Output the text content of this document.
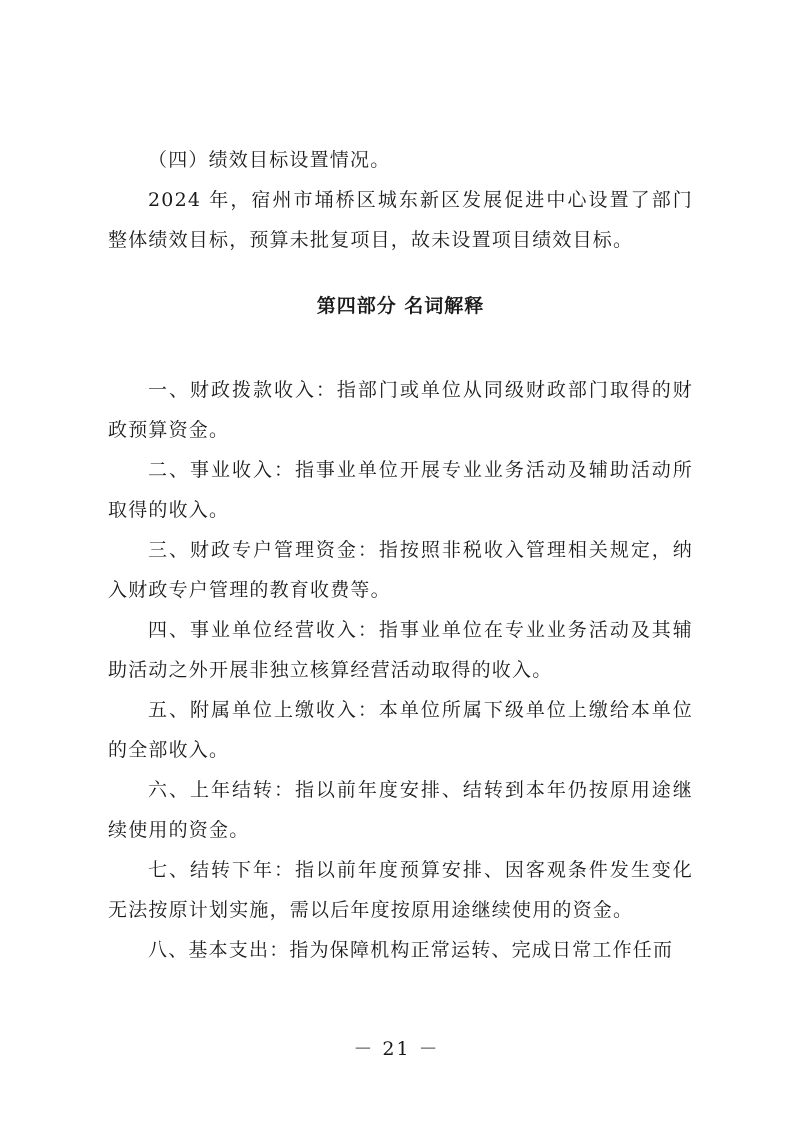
（四）绩效目标设置情况。

2024 年，宿州市埇桥区城东新区发展促进中心设置了部门整体绩效目标，预算未批复项目，故未设置项目绩效目标。

第四部分 名词解释

一、财政拨款收入：指部门或单位从同级财政部门取得的财政预算资金。

二、事业收入：指事业单位开展专业业务活动及辅助活动所取得的收入。

三、财政专户管理资金：指按照非税收入管理相关规定，纳入财政专户管理的教育收费等。

四、事业单位经营收入：指事业单位在专业业务活动及其辅助活动之外开展非独立核算经营活动取得的收入。

五、附属单位上缴收入：本单位所属下级单位上缴给本单位的全部收入。

六、上年结转：指以前年度安排、结转到本年仍按原用途继续使用的资金。

七、结转下年：指以前年度预算安排、因客观条件发生变化无法按原计划实施，需以后年度按原用途继续使用的资金。

八、基本支出：指为保障机构正常运转、完成日常工作任而

－ 21 －
